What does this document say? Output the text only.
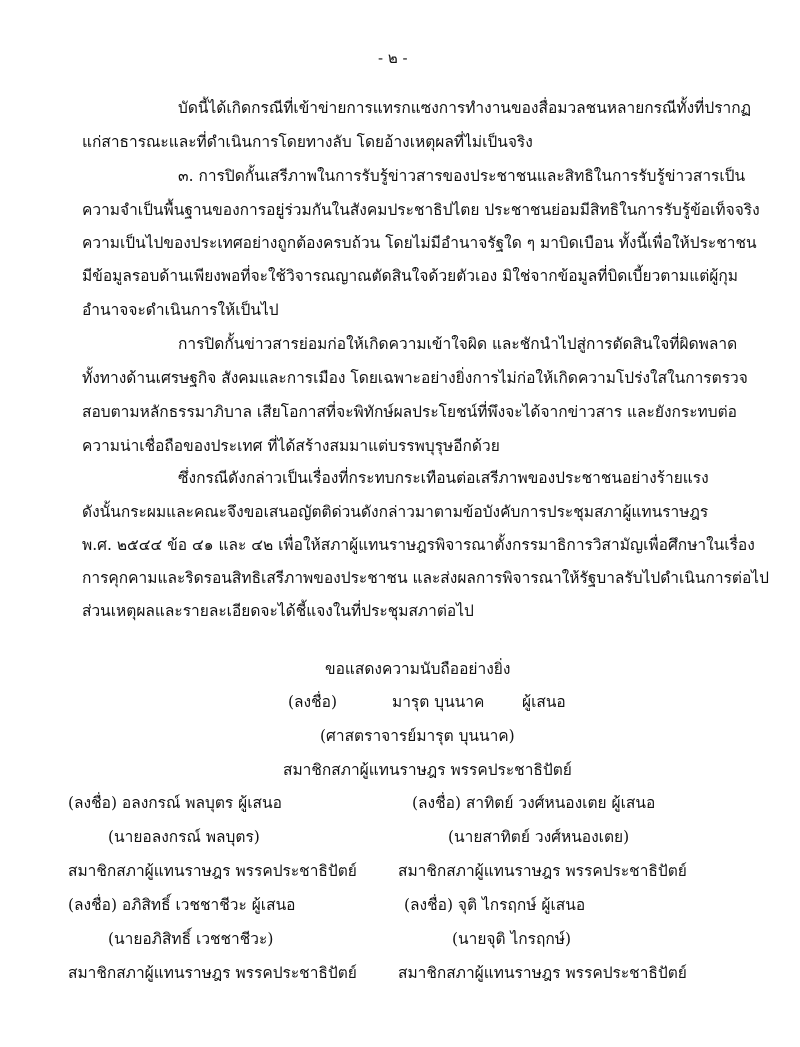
- ๒ -
บัดนี้ได้เกิดกรณีที่เข้าข่ายการแทรกแซงการทำงานของสื่อมวลชนหลายกรณีทั้งที่ปรากฏ
แก่สาธารณะและที่ดำเนินการโดยทางลับ โดยอ้างเหตุผลที่ไม่เป็นจริง
๓. การปิดกั้นเสรีภาพในการรับรู้ข่าวสารของประชาชนและสิทธิในการรับรู้ข่าวสารเป็น
ความจำเป็นพื้นฐานของการอยู่ร่วมกันในสังคมประชาธิปไตย ประชาชนย่อมมีสิทธิในการรับรู้ข้อเท็จจริง
ความเป็นไปของประเทศอย่างถูกต้องครบถ้วน โดยไม่มีอำนาจรัฐใด ๆ มาบิดเบือน ทั้งนี้เพื่อให้ประชาชน
มีข้อมูลรอบด้านเพียงพอที่จะใช้วิจารณญาณตัดสินใจด้วยตัวเอง มิใช่จากข้อมูลที่บิดเบี้ยวตามแต่ผู้กุม
อำนาจจะดำเนินการให้เป็นไป
การปิดกั้นข่าวสารย่อมก่อให้เกิดความเข้าใจผิด และชักนำไปสู่การตัดสินใจที่ผิดพลาด
ทั้งทางด้านเศรษฐกิจ สังคมและการเมือง โดยเฉพาะอย่างยิ่งการไม่ก่อให้เกิดความโปร่งใสในการตรวจ
สอบตามหลักธรรมาภิบาล เสียโอกาสที่จะพิทักษ์ผลประโยชน์ที่พึงจะได้จากข่าวสาร และยังกระทบต่อ
ความน่าเชื่อถือของประเทศ ที่ได้สร้างสมมาแต่บรรพบุรุษอีกด้วย
ซึ่งกรณีดังกล่าวเป็นเรื่องที่กระทบกระเทือนต่อเสรีภาพของประชาชนอย่างร้ายแรง
ดังนั้นกระผมและคณะจึงขอเสนอญัตติด่วนดังกล่าวมาตามข้อบังคับการประชุมสภาผู้แทนราษฎร
พ.ศ. ๒๕๔๔ ข้อ ๔๑ และ ๔๒ เพื่อให้สภาผู้แทนราษฎรพิจารณาตั้งกรรมาธิการวิสามัญเพื่อศึกษาในเรื่อง
การคุกคามและริดรอนสิทธิเสรีภาพของประชาชน และส่งผลการพิจารณาให้รัฐบาลรับไปดำเนินการต่อไป
ส่วนเหตุผลและรายละเอียดจะได้ชี้แจงในที่ประชุมสภาต่อไป
ขอแสดงความนับถืออย่างยิ่ง
(ลงชื่อ)	มารุต บุนนาค ผู้เสนอ
(ศาสตราจารย์มารุต บุนนาค)
สมาชิกสภาผู้แทนราษฎร พรรคประชาธิปัตย์
(ลงชื่อ) อลงกรณ์ พลบุตร ผู้เสนอ
(นายอลงกรณ์ พลบุตร)
สมาชิกสภาผู้แทนราษฎร พรรคประชาธิปัตย์
(ลงชื่อ) อภิสิทธิ์ เวชชาชีวะ ผู้เสนอ
(นายอภิสิทธิ์ เวชชาชีวะ)
สมาชิกสภาผู้แทนราษฎร พรรคประชาธิปัตย์
(ลงชื่อ) สาทิตย์ วงศ์หนองเตย ผู้เสนอ
(นายสาทิตย์ วงศ์หนองเตย)
สมาชิกสภาผู้แทนราษฎร พรรคประชาธิปัตย์
(ลงชื่อ) จุติ ไกรฤกษ์ ผู้เสนอ
(นายจุติ ไกรฤกษ์)
สมาชิกสภาผู้แทนราษฎร พรรคประชาธิปัตย์
